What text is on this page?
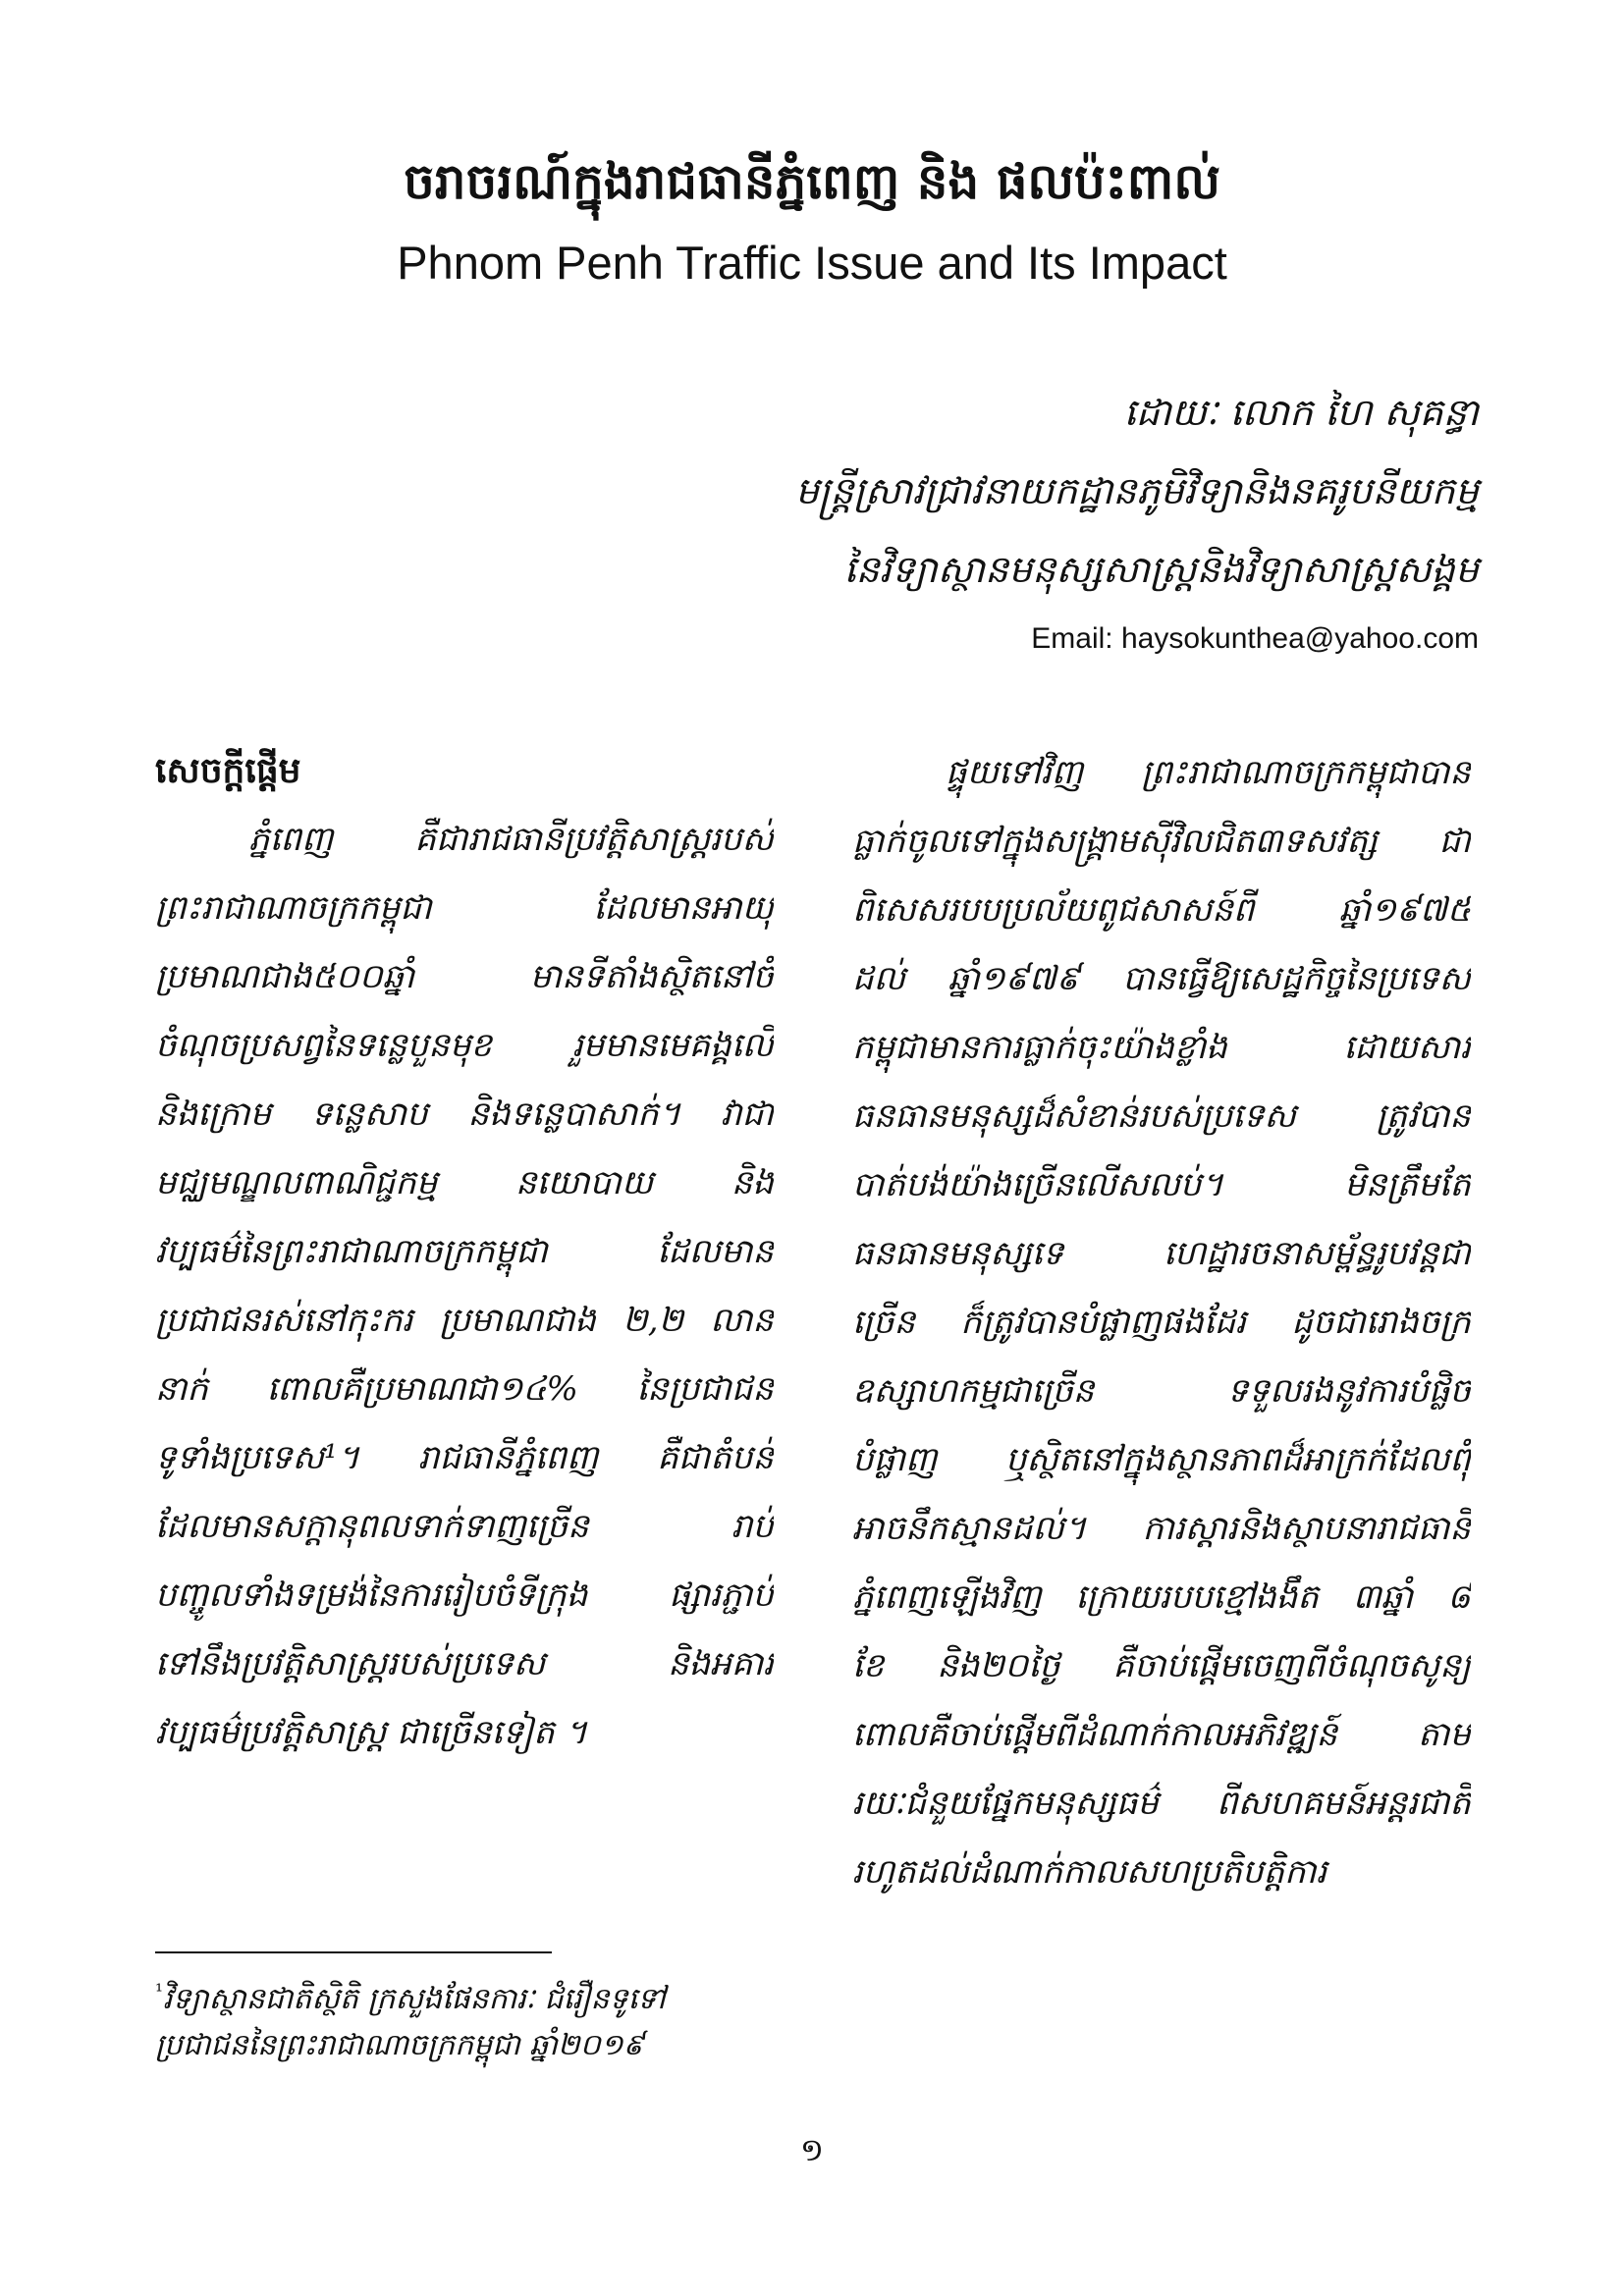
ចរាចរណ៍ក្នុងរាជធានីភ្នំពេញ និង ផលប៉ះពាល់
Phnom Penh Traffic Issue and Its Impact
ដោយៈ លោក ហៃ សុគន្ធា
មន្ត្រីស្រាវជ្រាវនាយកដ្ឋានភូមិវិទ្យានិងនគរូបនីយកម្ម
នៃវិទ្យាស្ថានមនុស្សសាស្ត្រនិងវិទ្យាសាស្ត្រសង្គម
Email: haysokunthea@yahoo.com
សេចក្តីផ្តើម
ភ្នំពេញ គឺជារាជធានីប្រវត្តិសាស្ត្ររបស់
ព្រះរាជាណាចក្រកម្ពុជា ដែលមានអាយុ
ប្រមាណជាង៥០០ឆ្នាំ មានទីតាំងស្ថិតនៅចំ
ចំណុចប្រសព្វនៃទន្លេបួនមុខ រួមមានមេគង្គលើ
និងក្រោម ទន្លេសាប និងទន្លេបាសាក់។ វាជា
មជ្ឈមណ្ឌលពាណិជ្ជកម្ម នយោបាយ និង
វប្បធម៌នៃព្រះរាជាណាចក្រកម្ពុជា ដែលមាន
ប្រជាជនរស់នៅកុះករ ប្រមាណជាង ២,២ លាន
នាក់ ពោលគឺប្រមាណជា១៤% នៃប្រជាជន
ទូទាំងប្រទេស¹។ រាជធានីភ្នំពេញ គឺជាតំបន់
ដែលមានសក្តានុពលទាក់ទាញច្រើន រាប់
បញ្ចូលទាំងទម្រង់នៃការរៀបចំទីក្រុង ផ្សារភ្ជាប់
ទៅនឹងប្រវត្តិសាស្ត្ររបស់ប្រទេស និងអគារ
វប្បធម៌ប្រវត្តិសាស្ត្រ ជាច្រើនទៀត ។
ផ្ទុយទៅវិញ ព្រះរាជាណាចក្រកម្ពុជាបាន
ធ្លាក់ចូលទៅក្នុងសង្គ្រាមស៊ីវិលជិត៣ទសវត្ស ជា
ពិសេសរបបប្រល័យពូជសាសន៍ពី ឆ្នាំ១៩៧៥
ដល់ ឆ្នាំ១៩៧៩ បានធ្វើឱ្យសេដ្ឋកិច្ចនៃប្រទេស
កម្ពុជាមានការធ្លាក់ចុះយ៉ាងខ្លាំង ដោយសារ
ធនធានមនុស្សដ៏សំខាន់របស់ប្រទេស ត្រូវបាន
បាត់បង់យ៉ាងច្រើនលើសលប់។ មិនត្រឹមតែ
ធនធានមនុស្សទេ ហេដ្ឋារចនាសម្ព័ន្ធរូបវន្តជា
ច្រើន ក៏ត្រូវបានបំផ្លាញផងដែរ ដូចជារោងចក្រ
ឧស្សាហកម្មជាច្រើន ទទួលរងនូវការបំផ្លិច
បំផ្លាញ ឬស្ថិតនៅក្នុងស្ថានភាពដ៏អាក្រក់ដែលពុំ
អាចនឹកស្មានដល់។ ការស្តារនិងស្ថាបនារាជធានី
ភ្នំពេញឡើងវិញ ក្រោយរបបខ្មៅងងឹត ៣ឆ្នាំ ៨
ខែ និង២០ថ្ងៃ គឺចាប់ផ្តើមចេញពីចំណុចសូន្យ
ពោលគឺចាប់ផ្តើមពីដំណាក់កាលអភិវឌ្ឍន៍ តាម
រយៈជំនួយផ្នែកមនុស្សធម៌ ពីសហគមន៍អន្តរជាតិ
រហូតដល់ដំណាក់កាលសហប្រតិបត្តិការ
$^{^1}$វិទ្យាស្ថានជាតិស្ថិតិ ក្រសួងផែនការៈ ជំរឿនទូទៅ
ប្រជាជននៃព្រះរាជាណាចក្រកម្ពុជា ឆ្នាំ២០១៩
១
